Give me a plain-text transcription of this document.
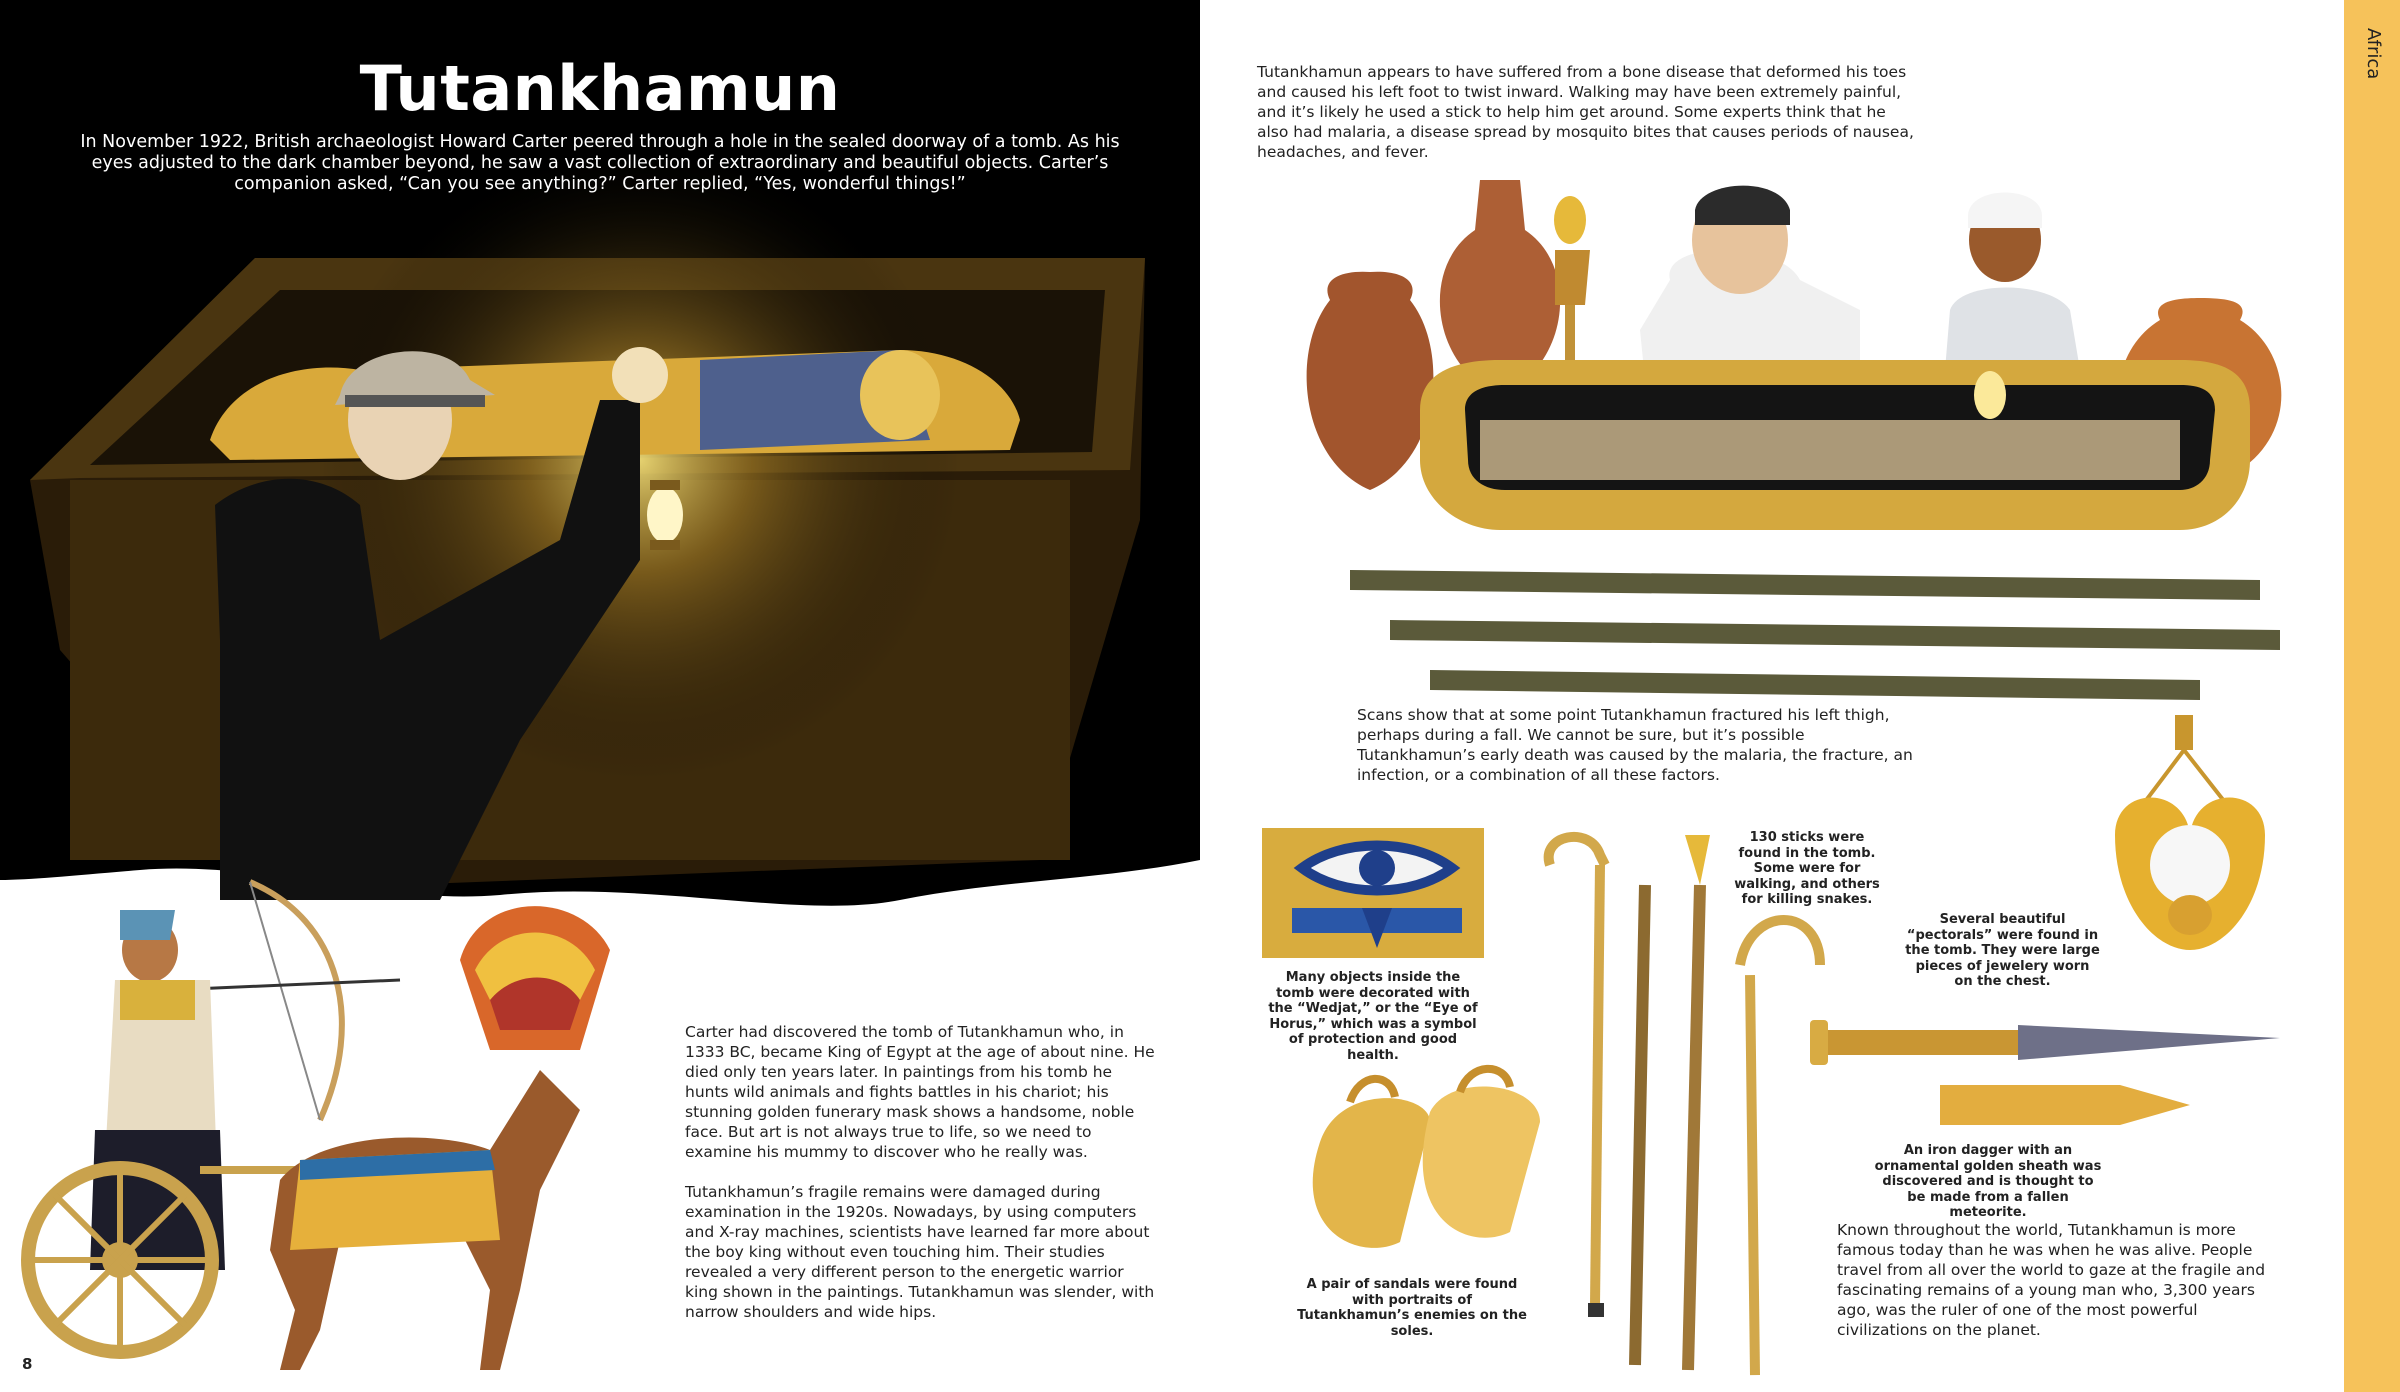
Tutankhamun
In November 1922, British archaeologist Howard Carter peered through a hole in the sealed doorway of a tomb. As his eyes adjusted to the dark chamber beyond, he saw a vast collection of extraordinary and beautiful objects. Carter’s companion asked, “Can you see anything?” Carter replied, “Yes, wonderful things!”
Carter had discovered the tomb of Tutankhamun who, in 1333 BC, became King of Egypt at the age of about nine. He died only ten years later. In paintings from his tomb he hunts wild animals and fights battles in his chariot; his stunning golden funerary mask shows a handsome, noble face. But art is not always true to life, so we need to examine his mummy to discover who he really was.
Tutankhamun’s fragile remains were damaged during examination in the 1920s. Nowadays, by using computers and X-ray machines, scientists have learned far more about the boy king without even touching him. Their studies revealed a very different person to the energetic warrior king shown in the paintings. Tutankhamun was slender, with narrow shoulders and wide hips.
8
Tutankhamun appears to have suffered from a bone disease that deformed his toes and caused his left foot to twist inward. Walking may have been extremely painful, and it’s likely he used a stick to help him get around. Some experts think that he also had malaria, a disease spread by mosquito bites that causes periods of nausea, headaches, and fever.
Scans show that at some point Tutankhamun fractured his left thigh, perhaps during a fall. We cannot be sure, but it’s possible Tutankhamun’s early death was caused by the malaria, the fracture, an infection, or a combination of all these factors.
Many objects inside the tomb were decorated with the “Wedjat,” or the “Eye of Horus,” which was a symbol of protection and good health.
130 sticks were found in the tomb. Some were for walking, and others for killing snakes.
Several beautiful “pectorals” were found in the tomb. They were large pieces of jewelery worn on the chest.
An iron dagger with an ornamental golden sheath was discovered and is thought to be made from a fallen meteorite.
A pair of sandals were found with portraits of Tutankhamun’s enemies on the soles.
Known throughout the world, Tutankhamun is more famous today than he was when he was alive. People travel from all over the world to gaze at the fragile and fascinating remains of a young man who, 3,300 years ago, was the ruler of one of the most powerful civilizations on the planet.
Africa
